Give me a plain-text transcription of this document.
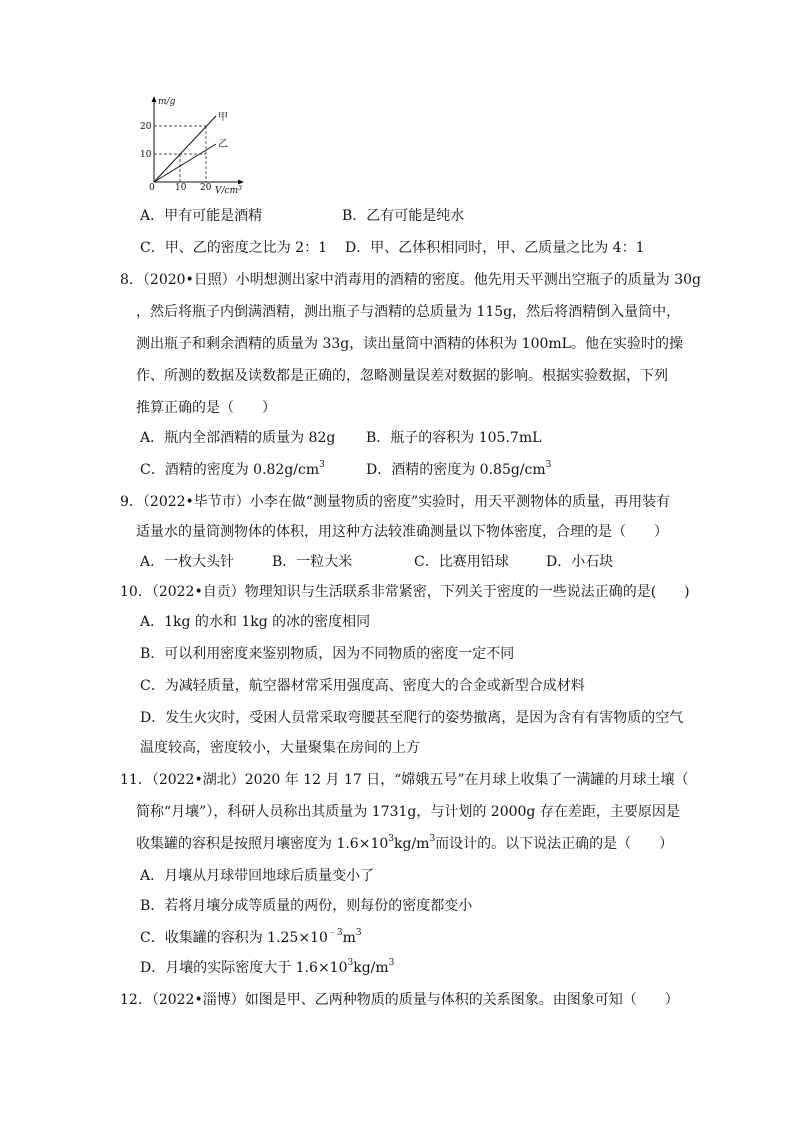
m/g
20
10
0 10 20 $V/cm^3$
甲
乙
A．甲有可能是酒精	B．乙有可能是纯水
C．甲、乙的密度之比为 2：1 D．甲、乙体积相同时，甲、乙质量之比为 4：1
8．（2020•日照）小明想测出家中消毒用的酒精的密度。他先用天平测出空瓶子的质量为 30g
，然后将瓶子内倒满酒精，测出瓶子与酒精的总质量为 115g，然后将酒精倒入量筒中，
测出瓶子和剩余酒精的质量为 33g，读出量筒中酒精的体积为 100mL。他在实验时的操
作、所测的数据及读数都是正确的，忽略测量误差对数据的影响。根据实验数据，下列
推算正确的是（　　）
A．瓶内全部酒精的质量为 82g B．瓶子的容积为 105.7mL
C．酒精的密度为 $0.82g/cm^3$	D．酒精的密度为 $0.85g/cm^3$
9．（2022•毕节市）小李在做“测量物质的密度”实验时，用天平测物体的质量，再用装有
适量水的量筒测物体的体积，用这种方法较准确测量以下物体密度，合理的是（　　）
A．一枚大头针	B．一粒大米	C．比赛用铅球	D．小石块
10．（2022•自贡）物理知识与生活联系非常紧密，下列关于密度的一些说法正确的是(　　)
A．1kg 的水和 1kg 的冰的密度相同
B．可以利用密度来鉴别物质，因为不同物质的密度一定不同
C．为减轻质量，航空器材常采用强度高、密度大的合金或新型合成材料
D．发生火灾时，受困人员常采取弯腰甚至爬行的姿势撤离，是因为含有有害物质的空气
温度较高，密度较小，大量聚集在房间的上方
11．（2022•湖北）2020 年 12 月 17 日，“嫦娥五号”在月球上收集了一满罐的月球土壤（
简称“月壤”），科研人员称出其质量为 1731g，与计划的 2000g 存在差距，主要原因是
收集罐的容积是按照月壤密度为 $1.6\times 10^3kg/m^3$而设计的。以下说法正确的是（　　）
A．月壤从月球带回地球后质量变小了
B．若将月壤分成等质量的两份，则每份的密度都变小
C．收集罐的容积为 $1.25\times 10^{﹣3}m^3$
D．月壤的实际密度大于 $1.6\times 10^3kg/m^3$
12．（2022•淄博）如图是甲、乙两种物质的质量与体积的关系图象。由图象可知（　　）
